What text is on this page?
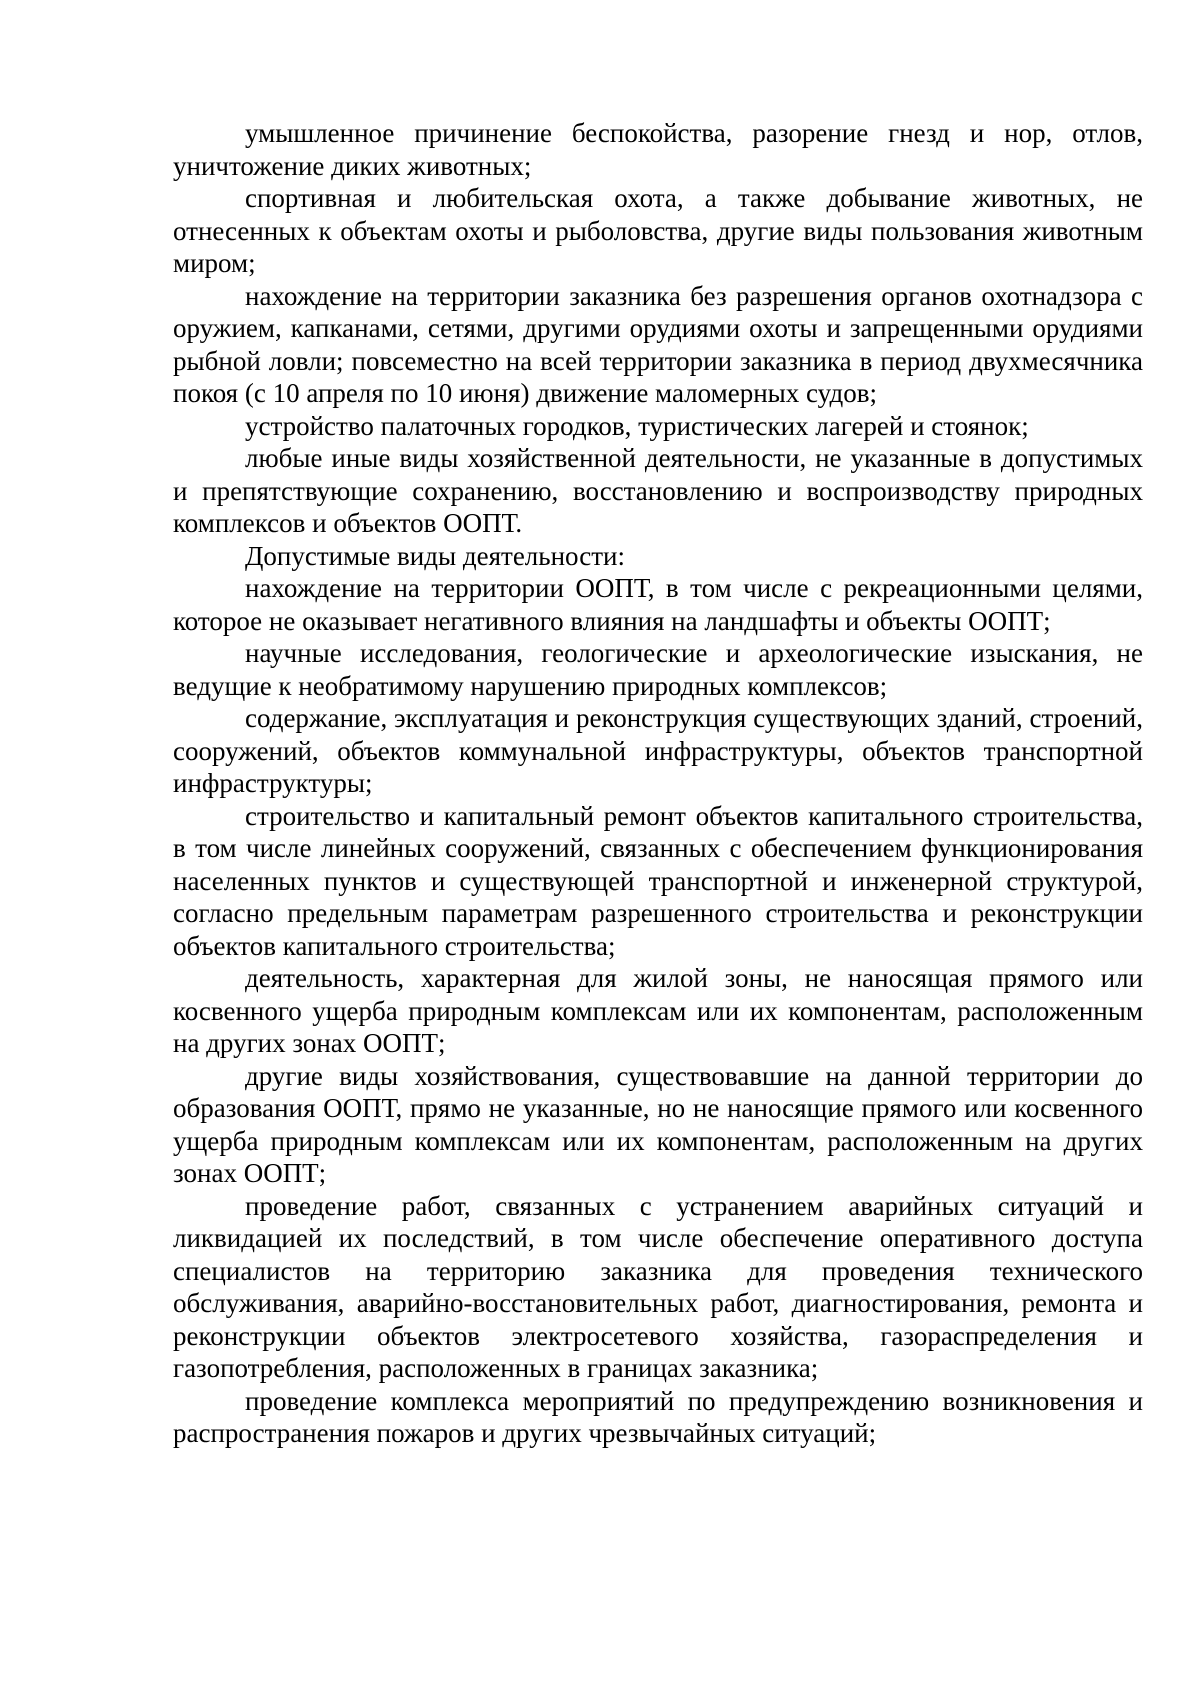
умышленное причинение беспокойства, разорение гнезд и нор, отлов, уничтожение диких животных;

спортивная и любительская охота, а также добывание животных, не отнесенных к объектам охоты и рыболовства, другие виды пользования животным миром;

нахождение на территории заказника без разрешения органов охотнадзора с оружием, капканами, сетями, другими орудиями охоты и запрещенными орудиями рыбной ловли; повсеместно на всей территории заказника в период двухмесячника покоя (с 10 апреля по 10 июня) движение маломерных судов;

устройство палаточных городков, туристических лагерей и стоянок;

любые иные виды хозяйственной деятельности, не указанные в допустимых и препятствующие сохранению, восстановлению и воспроизводству природных комплексов и объектов ООПТ.

Допустимые виды деятельности:

нахождение на территории ООПТ, в том числе с рекреационными целями, которое не оказывает негативного влияния на ландшафты и объекты ООПТ;

научные исследования, геологические и археологические изыскания, не ведущие к необратимому нарушению природных комплексов;

содержание, эксплуатация и реконструкция существующих зданий, строений, сооружений, объектов коммунальной инфраструктуры, объектов транспортной инфраструктуры;

строительство и капитальный ремонт объектов капитального строительства, в том числе линейных сооружений, связанных с обеспечением функционирования населенных пунктов и существующей транспортной и инженерной структурой, согласно предельным параметрам разрешенного строительства и реконструкции объектов капитального строительства;

деятельность, характерная для жилой зоны, не наносящая прямого или косвенного ущерба природным комплексам или их компонентам, расположенным на других зонах ООПТ;

другие виды хозяйствования, существовавшие на данной территории до образования ООПТ, прямо не указанные, но не наносящие прямого или косвенного ущерба природным комплексам или их компонентам, расположенным на других зонах ООПТ;

проведение работ, связанных с устранением аварийных ситуаций и ликвидацией их последствий, в том числе обеспечение оперативного доступа специалистов на территорию заказника для проведения технического обслуживания, аварийно-восстановительных работ, диагностирования, ремонта и реконструкции объектов электросетевого хозяйства, газораспределения и газопотребления, расположенных в границах заказника;

проведение комплекса мероприятий по предупреждению возникновения и распространения пожаров и других чрезвычайных ситуаций;
